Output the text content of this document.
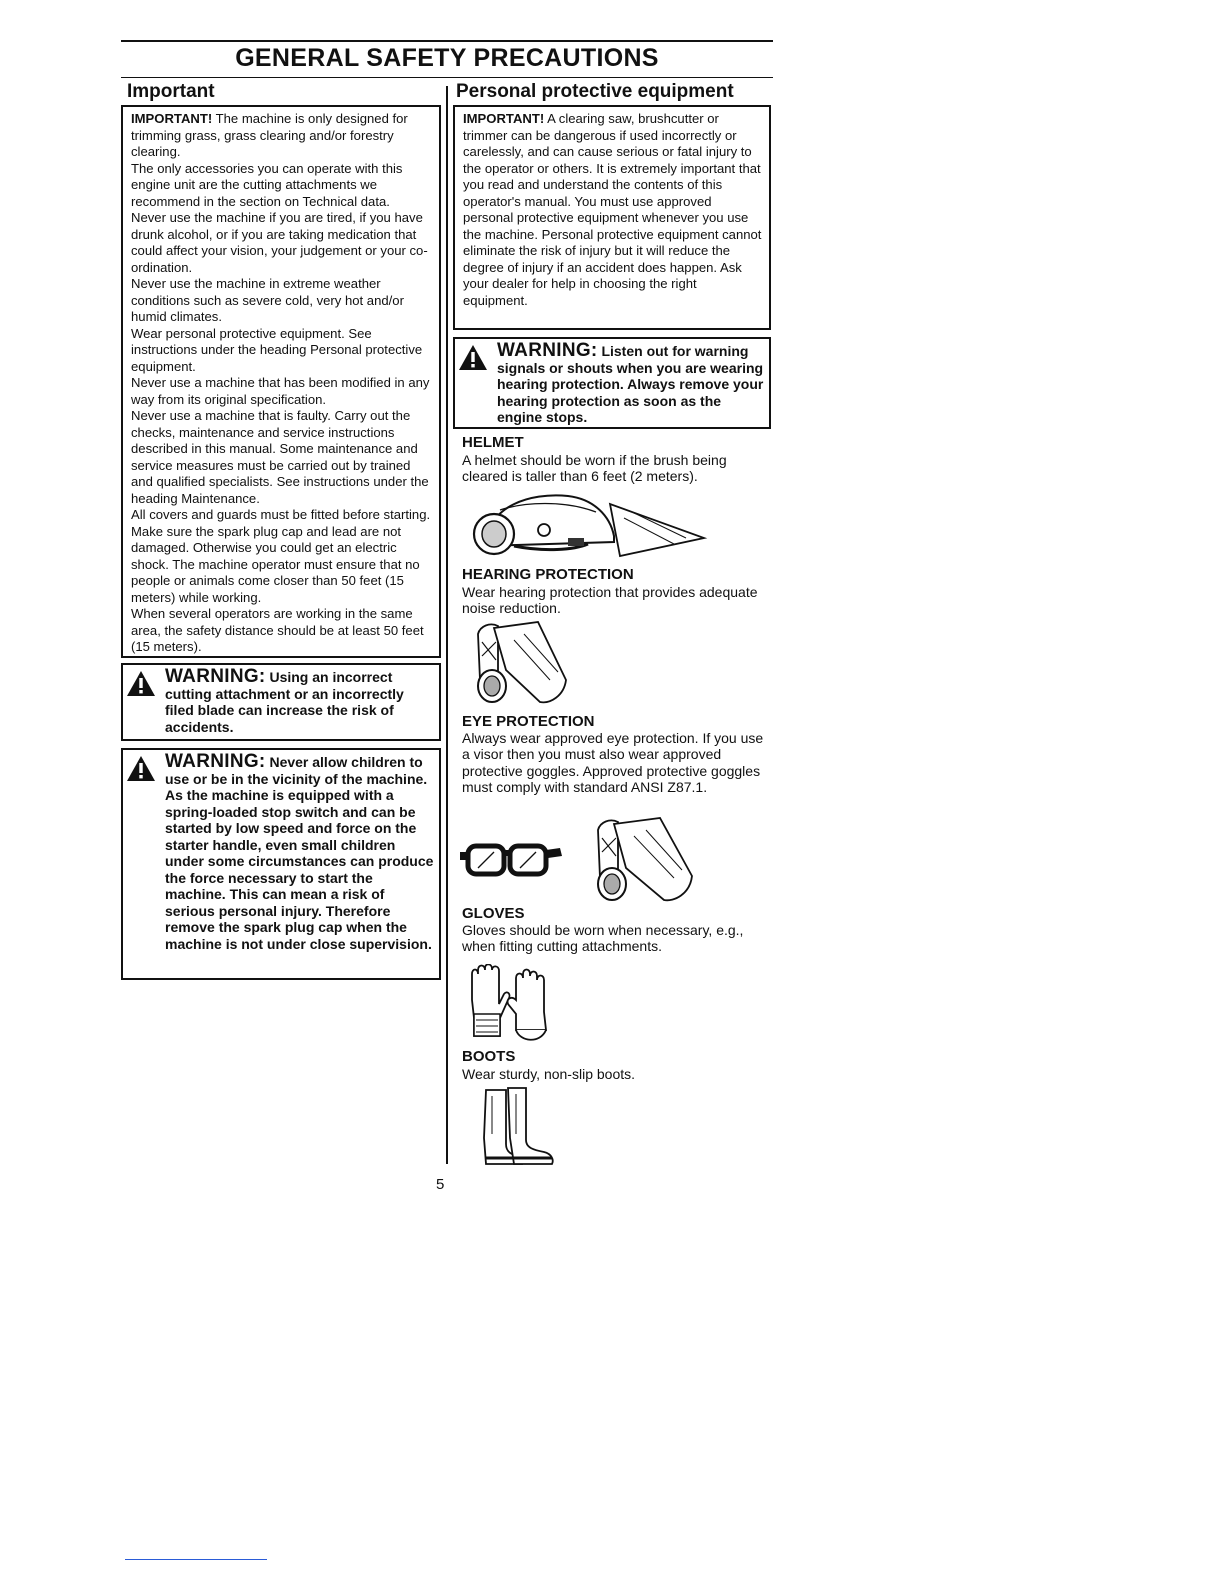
GENERAL SAFETY PRECAUTIONS
Important

IMPORTANT! The machine is only designed for trimming grass, grass clearing and/or forestry clearing.

The only accessories you can operate with this engine unit are the cutting attachments we recommend in the section on Technical data.

Never use the machine if you are tired, if you have drunk alcohol, or if you are taking medication that could affect your vision, your judgement or your co-ordination.

Never use the machine in extreme weather conditions such as severe cold, very hot and/or humid climates.

Wear personal protective equipment. See instructions under the heading Personal protective equipment.

Never use a machine that has been modified in any way from its original specification.

Never use a machine that is faulty. Carry out the checks, maintenance and service instructions described in this manual. Some maintenance and service measures must be carried out by trained and qualified specialists. See instructions under the heading Maintenance.

All covers and guards must be fitted before starting. Make sure the spark plug cap and lead are not damaged. Otherwise you could get an electric shock. The machine operator must ensure that no people or animals come closer than 50 feet (15 meters) while working.

When several operators are working in the same area, the safety distance should be at least 50 feet (15 meters).

WARNING: Using an incorrect cutting attachment or an incorrectly filed blade can increase the risk of accidents.
WARNING: Never allow children to use or be in the vicinity of the machine. As the machine is equipped with a spring-loaded stop switch and can be started by low speed and force on the starter handle, even small children under some circumstances can produce the force necessary to start the machine. This can mean a risk of serious personal injury. Therefore remove the spark plug cap when the machine is not under close supervision.
Personal protective equipment

IMPORTANT! A clearing saw, brushcutter or trimmer can be dangerous if used incorrectly or carelessly, and can cause serious or fatal injury to the operator or others. It is extremely important that you read and understand the contents of this operator's manual. You must use approved personal protective equipment whenever you use the machine. Personal protective equipment cannot eliminate the risk of injury but it will reduce the degree of injury if an accident does happen. Ask your dealer for help in choosing the right equipment.

WARNING: Listen out for warning signals or shouts when you are wearing hearing protection. Always remove your hearing protection as soon as the engine stops.
HELMET

A helmet should be worn if the brush being cleared is taller than 6 feet (2 meters).

HEARING PROTECTION

Wear hearing protection that provides adequate noise reduction.

EYE PROTECTION

Always wear approved eye protection. If you use a visor then you must also wear approved protective goggles. Approved protective goggles must comply with standard ANSI Z87.1.

GLOVES

Gloves should be worn when necessary, e.g., when fitting cutting attachments.

BOOTS

Wear sturdy, non-slip boots.

5
